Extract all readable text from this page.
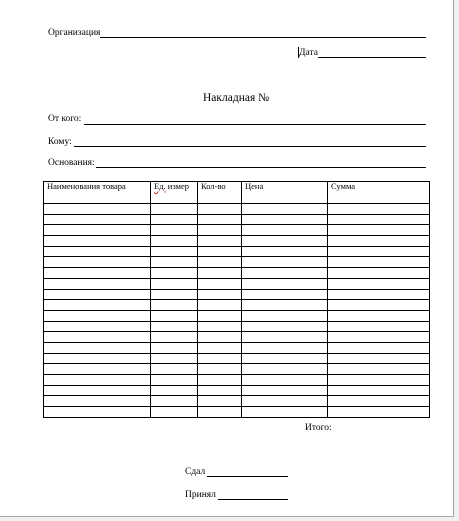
Организация
Дата
Накладная №
От кого:
Кому:
Основания:
Наименования товара	Ед. измер	Кол-во	Цена	Сумма

Итого:
Сдал
Принял
